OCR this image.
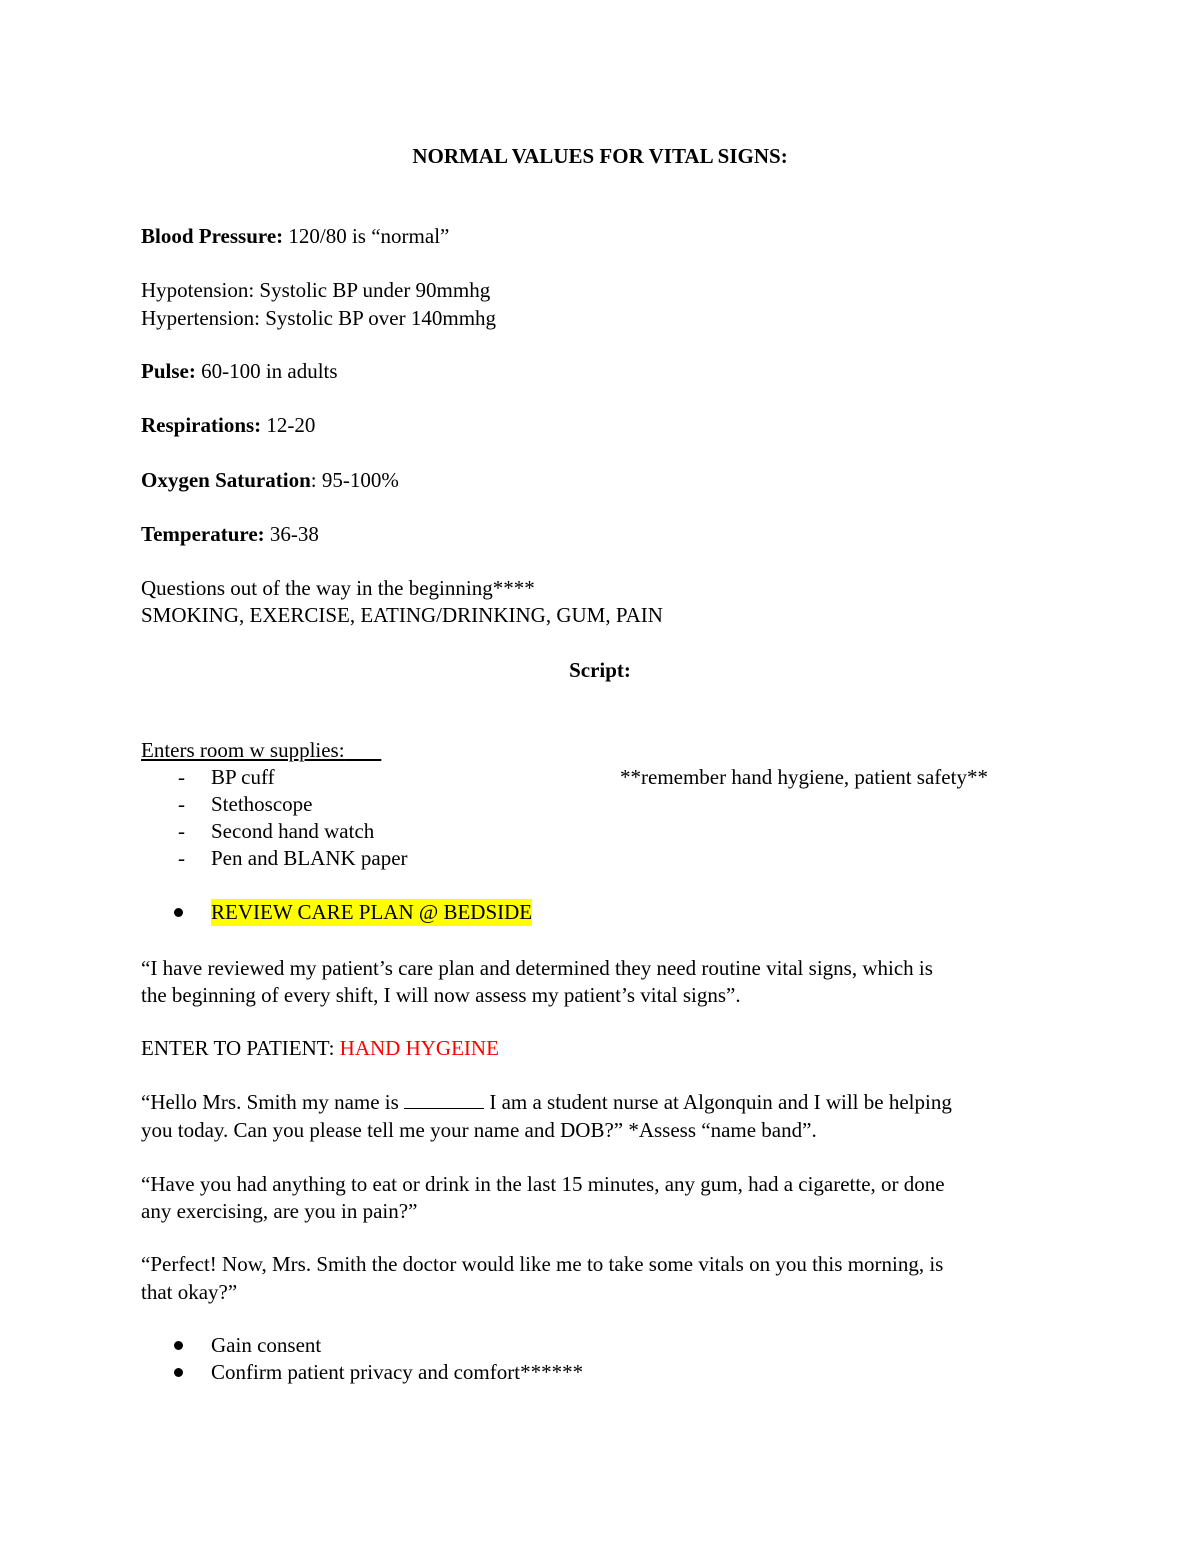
NORMAL VALUES FOR VITAL SIGNS:
Blood Pressure: 120/80 is “normal”
Hypotension: Systolic BP under 90mmhg
Hypertension: Systolic BP over 140mmhg
Pulse: 60-100 in adults
Respirations: 12-20
Oxygen Saturation: 95-100%
Temperature: 36-38
Questions out of the way in the beginning****
SMOKING, EXERCISE, EATING/DRINKING, GUM, PAIN
Script:
Enters room w supplies:
-	BP cuff
-	Stethoscope
-	Second hand watch
-	Pen and BLANK paper
**remember hand hygiene, patient safety**
REVIEW CARE PLAN @ BEDSIDE
“I have reviewed my patient’s care plan and determined they need routine vital signs, which is
the beginning of every shift, I will now assess my patient’s vital signs”.
ENTER TO PATIENT: HAND HYGEINE
“Hello Mrs. Smith my name is	I am a student nurse at Algonquin and I will be helping
you today. Can you please tell me your name and DOB?” *Assess “name band”.
“Have you had anything to eat or drink in the last 15 minutes, any gum, had a cigarette, or done
any exercising, are you in pain?”
“Perfect! Now, Mrs. Smith the doctor would like me to take some vitals on you this morning, is
that okay?”
Gain consent
Confirm patient privacy and comfort******
